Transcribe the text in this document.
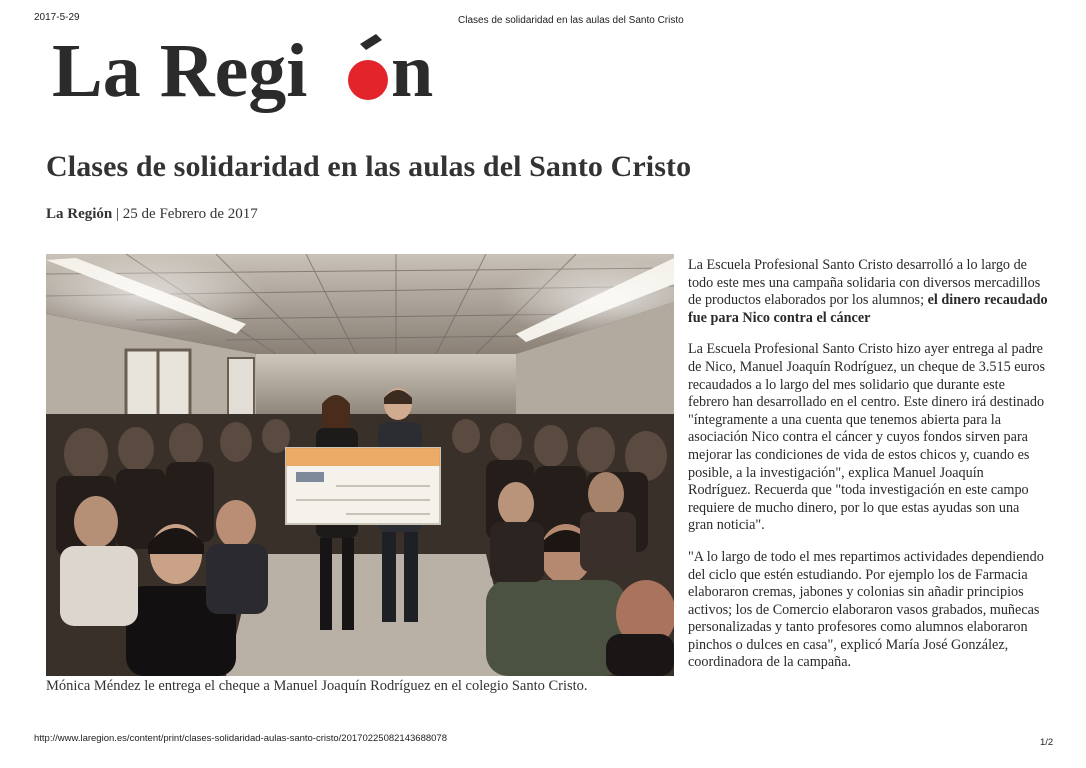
2017-5-29	Clases de solidaridad en las aulas del Santo Cristo
La Regi n
Clases de solidaridad en las aulas del Santo Cristo
La Región | 25 de Febrero de 2017
Mónica Méndez le entrega el cheque a Manuel Joaquín Rodríguez en el colegio Santo Cristo.

La Escuela Profesional Santo Cristo desarrolló a lo largo de todo este mes una campaña solidaria con diversos mercadillos de productos elaborados por los alumnos; el dinero recaudado fue para Nico contra el cáncer

La Escuela Profesional Santo Cristo hizo ayer entrega al padre de Nico, Manuel Joaquín Rodríguez, un cheque de 3.515 euros recaudados a lo largo del mes solidario que durante este febrero han desarrollado en el centro. Este dinero irá destinado "íntegramente a una cuenta que tenemos abierta para la asociación Nico contra el cáncer y cuyos fondos sirven para mejorar las condiciones de vida de estos chicos y, cuando es posible, a la investigación", explica Manuel Joaquín Rodríguez. Recuerda que "toda investigación en este campo requiere de mucho dinero, por lo que estas ayudas son una gran noticia".

"A lo largo de todo el mes repartimos actividades dependiendo del ciclo que estén estudiando. Por ejemplo los de Farmacia elaboraron cremas, jabones y colonias sin añadir principios activos; los de Comercio elaboraron vasos grabados, muñecas personalizadas y tanto profesores como alumnos elaboraron pinchos o dulces en casa", explicó María José González, coordinadora de la campaña.

http://www.laregion.es/content/print/clases-solidaridad-aulas-santo-cristo/20170225082143688078	1/2
